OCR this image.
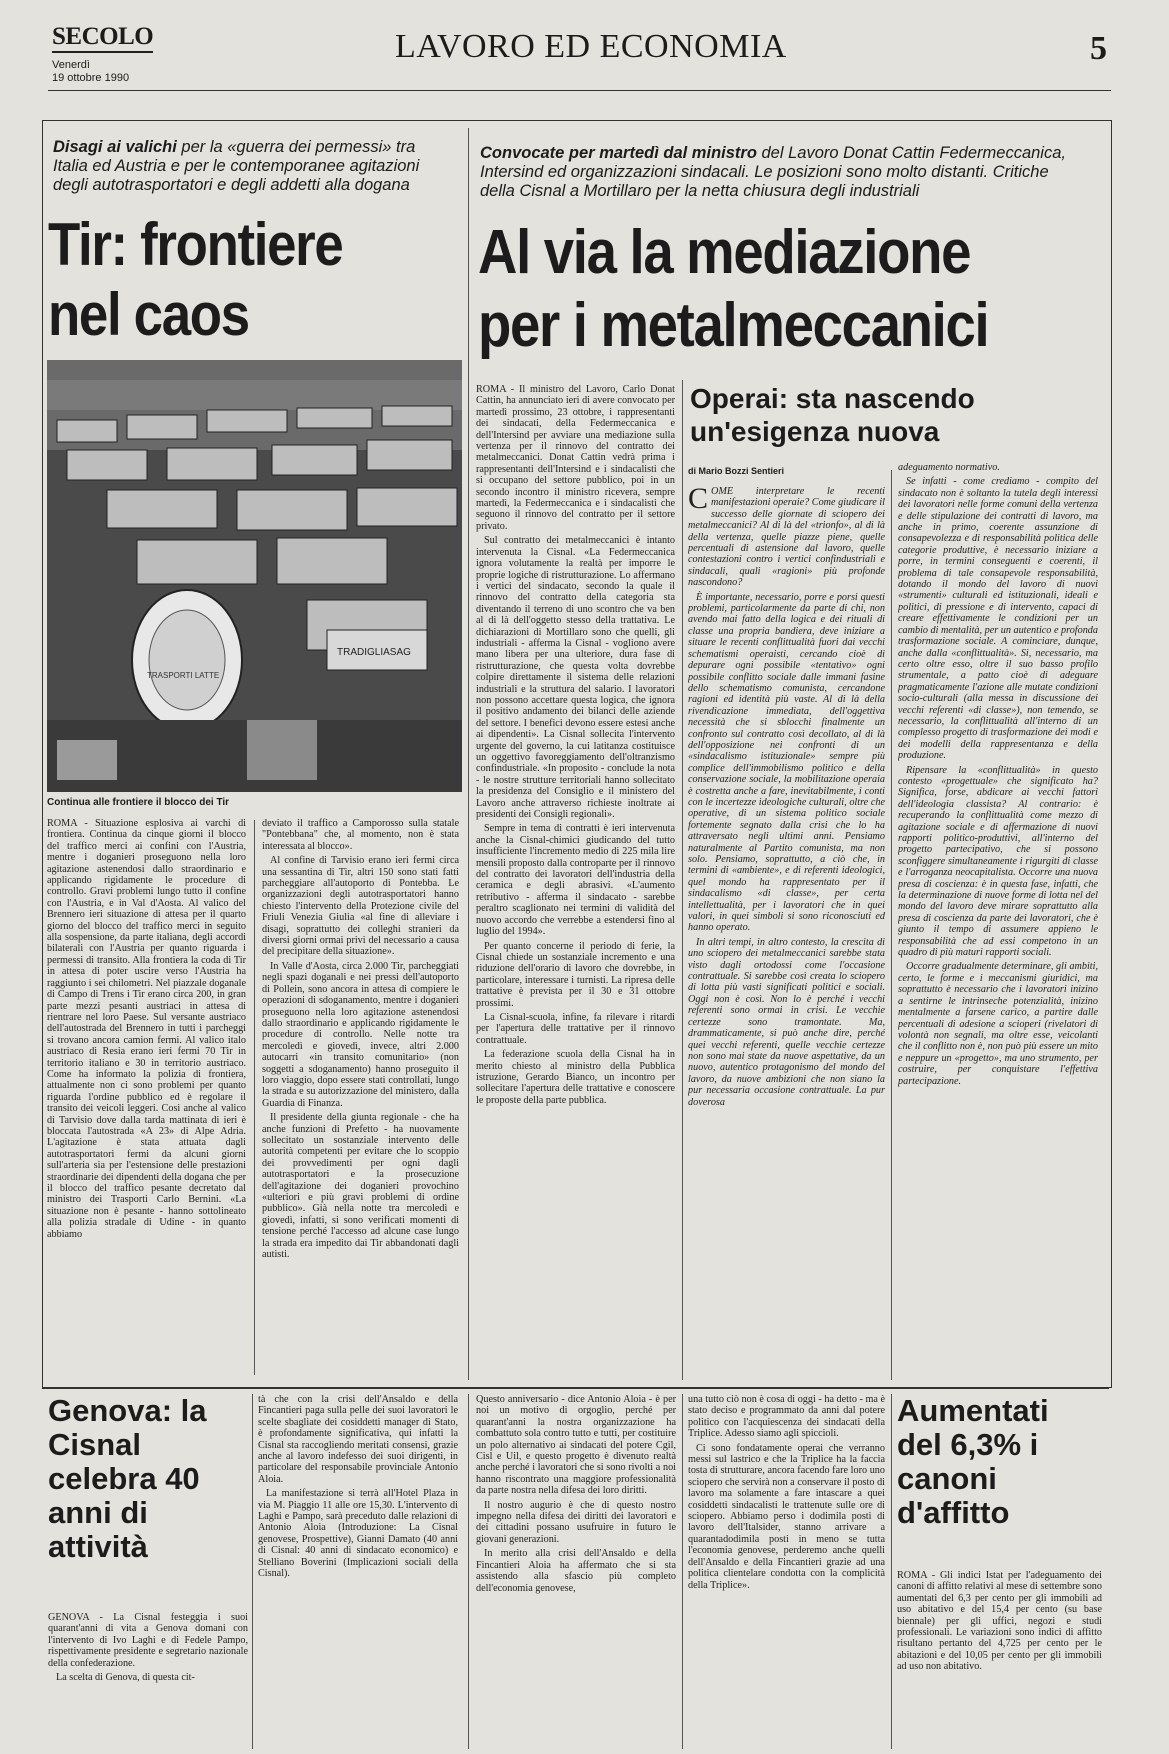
SECOLO
Venerdì
19 ottobre 1990
LAVORO ED ECONOMIA	5
Disagi ai valichi per la «guerra dei permessi» tra Italia ed Austria e per le contemporanee agitazioni degli autotrasportatori e degli addetti alla dogana
Tir: frontiere
nel caos
TRADIGLIASAG
TRASPORTI LATTE
Continua alle frontiere il blocco dei Tir

ROMA - Situazione esplosiva ai varchi di frontiera. Continua da cinque giorni il blocco del traffico merci ai confini con l'Austria, mentre i doganieri proseguono nella loro agitazione astenendosi dallo straordinario e applicando rigidamente le procedure di controllo. Gravi problemi lungo tutto il confine con l'Austria, e in Val d'Aosta. Al valico del Brennero ieri situazione di attesa per il quarto giorno del blocco del traffico merci in seguito alla sospensione, da parte italiana, degli accordi bilaterali con l'Austria per quanto riguarda i permessi di transito. Alla frontiera la coda di Tir in attesa di poter uscire verso l'Austria ha raggiunto i sei chilometri. Nel piazzale doganale di Campo di Trens i Tir erano circa 200, in gran parte mezzi pesanti austriaci in attesa di rientrare nel loro Paese. Sul versante austriaco dell'autostrada del Brennero in tutti i parcheggi si trovano ancora camion fermi. Al valico italo austriaco di Resia erano ieri fermi 70 Tir in territorio italiano e 30 in territorio austriaco. Come ha informato la polizia di frontiera, attualmente non ci sono problemi per quanto riguarda l'ordine pubblico ed è regolare il transito dei veicoli leggeri. Cosi anche al valico di Tarvisio dove dalla tarda mattinata di ieri è bloccata l'autostrada «A 23» di Alpe Adria. L'agitazione è stata attuata dagli autotrasportatori fermi da alcuni giorni sull'arteria sia per l'estensione delle prestazioni straordinarie dei dipendenti della dogana che per il blocco del traffico pesante decretato dal ministro dei Trasporti Carlo Bernini. «La situazione non è pesante - hanno sottolineato alla polizia stradale di Udine - in quanto abbiamo

deviato il traffico a Camporosso sulla statale "Pontebbana" che, al momento, non è stata interessata al blocco».

Al confine di Tarvisio erano ieri fermi circa una sessantina di Tir, altri 150 sono stati fatti parcheggiare all'autoporto di Pontebba. Le organizzazioni degli autotrasportatori hanno chiesto l'intervento della Protezione civile del Friuli Venezia Giulia «al fine di alleviare i disagi, soprattutto dei colleghi stranieri da diversi giorni ormai privi del necessario a causa del precipitare della situazione».

In Valle d'Aosta, circa 2.000 Tir, parcheggiati negli spazi doganali e nei pressi dell'autoporto di Pollein, sono ancora in attesa di compiere le operazioni di sdoganamento, mentre i doganieri proseguono nella loro agitazione astenendosi dallo straordinario e applicando rigidamente le procedure di controllo. Nelle notte tra mercoledì e giovedì, invece, altri 2.000 autocarri «in transito comunitario» (non soggetti a sdoganamento) hanno proseguito il loro viaggio, dopo essere stati controllati, lungo la strada e su autorizzazione del ministero, dalla Guardia di Finanza.

Il presidente della giunta regionale - che ha anche funzioni di Prefetto - ha nuovamente sollecitato un sostanziale intervento delle autorità competenti per evitare che lo scoppio dei provvedimenti per ogni dagli autotrasportatori e la prosecuzione dell'agitazione dei doganieri provochino «ulteriori e più gravi problemi di ordine pubblico». Già nella notte tra mercoledì e giovedì, infatti, si sono verificati momenti di tensione perché l'accesso ad alcune case lungo la strada era impedito dai Tir abbandonati dagli autisti.

Convocate per martedì dal ministro del Lavoro Donat Cattin Federmeccanica, Intersind ed organizzazioni sindacali. Le posizioni sono molto distanti. Critiche della Cisnal a Mortillaro per la netta chiusura degli industriali
Al via la mediazione
per i metalmeccanici

ROMA - Il ministro del Lavoro, Carlo Donat Cattin, ha annunciato ieri di avere convocato per martedì prossimo, 23 ottobre, i rappresentanti dei sindacati, della Federmeccanica e dell'Intersind per avviare una mediazione sulla vertenza per il rinnovo del contratto dei metalmeccanici. Donat Cattin vedrà prima i rappresentanti dell'Intersind e i sindacalisti che si occupano del settore pubblico, poi in un secondo incontro il ministro ricevera, sempre martedì, la Federmeccanica e i sindacalisti che seguono il rinnovo del contratto per il settore privato.

Sul contratto dei metalmeccanici è intanto intervenuta la Cisnal. «La Federmeccanica ignora volutamente la realtà per imporre le proprie logiche di ristrutturazione. Lo affermano i vertici del sindacato, secondo la quale il rinnovo del contratto della categoria sta diventando il terreno di uno scontro che va ben al di là dell'oggetto stesso della trattativa. Le dichiarazioni di Mortillaro sono che quelli, gli industriali - afferma la Cisnal - vogliono avere mano libera per una ulteriore, dura fase di ristrutturazione, che questa volta dovrebbe colpire direttamente il sistema delle relazioni industriali e la struttura del salario. I lavoratori non possono accettare questa logica, che ignora il positivo andamento dei bilanci delle aziende del settore. I benefici devono essere estesi anche ai dipendenti». La Cisnal sollecita l'intervento urgente del governo, la cui latitanza costituisce un oggettivo favoreggiamento dell'oltranzismo confindustriale. «In proposito - conclude la nota - le nostre strutture territoriali hanno sollecitato la presidenza del Consiglio e il ministero del Lavoro anche attraverso richieste inoltrate ai presidenti dei Consigli regionali».

Sempre in tema di contratti è ieri intervenuta anche la Cisnal-chimici giudicando del tutto insufficiente l'incremento medio di 225 mila lire mensili proposto dalla controparte per il rinnovo del contratto dei lavoratori dell'industria della ceramica e degli abrasivi. «L'aumento retributivo - afferma il sindacato - sarebbe peraltro scaglionato nei termini di validità del nuovo accordo che verrebbe a estendersi fino al luglio del 1994».

Per quanto concerne il periodo di ferie, la Cisnal chiede un sostanziale incremento e una riduzione dell'orario di lavoro che dovrebbe, in particolare, interessare i turnisti. La ripresa delle trattative è prevista per il 30 e 31 ottobre prossimi.

La Cisnal-scuola, infine, fa rilevare i ritardi per l'apertura delle trattative per il rinnovo contrattuale.

La federazione scuola della Cisnal ha in merito chiesto al ministro della Pubblica istruzione, Gerardo Bianco, un incontro per sollecitare l'apertura delle trattative e conoscere le proposte della parte pubblica.

Operai: sta nascendo un'esigenza nuova
di Mario Bozzi Sentieri

COME interpretare le recenti manifestazioni operaie? Come giudicare il successo delle giornate di sciopero dei metalmeccanici? Al di là del «trionfo», al di là della vertenza, quelle piazze piene, quelle percentuali di astensione dal lavoro, quelle contestazioni contro i vertici confindustriali e sindacali, quali «ragioni» più profonde nascondono?

È importante, necessario, porre e porsi questi problemi, particolarmente da parte di chi, non avendo mai fatto della logica e dei rituali di classe una propria bandiera, deve iniziare a situare le recenti conflittualità fuori dai vecchi schematismi operaisti, cercando cioè di depurare ogni possibile «tentativo» ogni possibile conflitto sociale dalle immani fasine dello schematismo comunista, cercandone ragioni ed identità più vaste. Al di là della rivendicazione immediata, dell'oggettiva necessità che si sblocchi finalmente un confronto sul contratto così decollato, al di là dell'opposizione nei confronti di un «sindacalismo istituzionale» sempre più complice dell'immobilismo politico e della conservazione sociale, la mobilitazione operaia è costretta anche a fare, inevitabilmente, i conti con le incertezze ideologiche culturali, oltre che operative, di un sistema politico sociale fortemente segnato dalla crisi che lo ha attraversato negli ultimi anni. Pensiamo naturalmente al Partito comunista, ma non solo. Pensiamo, soprattutto, a ciò che, in termini di «ambiente», e di referenti ideologici, quel mondo ha rappresentato per il sindacalismo «di classe», per certa intellettualità, per i lavoratori che in quei valori, in quei simboli si sono riconosciuti ed hanno operato.

In altri tempi, in altro contesto, la crescita di uno sciopero dei metalmeccanici sarebbe stata visto dagli ortodossi come l'occasione contrattuale. Si sarebbe così creata lo sciopero di lotta più vasti significati politici e sociali. Oggi non è così. Non lo è perché i vecchi referenti sono ormai in crisi. Le vecchie certezze sono tramontate. Ma, drammaticamente, si può anche dire, perché quei vecchi referenti, quelle vecchie certezze non sono mai state da nuove aspettative, da un nuovo, autentico protagonismo del mondo del lavoro, da nuove ambizioni che non siano la pur necessaria occasione contrattuale. La pur doverosa

adeguamento normativo.

Se infatti - come crediamo - compito del sindacato non è soltanto la tutela degli interessi dei lavoratori nelle forme comuni della vertenza e delle stipulazione dei contratti di lavoro, ma anche in primo, coerente assunzione di consapevolezza e di responsabilità politica delle categorie produttive, è necessario iniziare a porre, in termini conseguenti e coerenti, il problema di tale consapevole responsabilità, dotando il mondo del lavoro di nuovi «strumenti» culturali ed istituzionali, ideali e politici, di pressione e di intervento, capaci di creare effettivamente le condizioni per un cambio di mentalità, per un autentico e profonda trasformazione sociale. A cominciare, dunque, anche dalla «conflittualità». Si, necessario, ma certo oltre esso, oltre il suo basso profilo strumentale, a patto cioè di adeguare pragmaticamente l'azione alle mutate condizioni socio-culturali (alla messa in discussione dei vecchi referenti «di classe»), non temendo, se necessario, la conflittualità all'interno di un complesso progetto di trasformazione dei modi e dei modelli della rappresentanza e della produzione.

Ripensare la «conflittualità» in questo contesto «progettuale» che significato ha? Significa, forse, abdicare ai vecchi fattori dell'ideologia classista? Al contrario: è recuperando la conflittualità come mezzo di agitazione sociale e di affermazione di nuovi rapporti politico-produttivi, all'interno del progetto partecipativo, che si possono sconfiggere simultaneamente i rigurgiti di classe e l'arroganza neocapitalista. Occorre una nuova presa di coscienza: è in questa fase, infatti, che la determinazione di nuove forme di lotta nel del mondo del lavoro deve mirare soprattutto alla presa di coscienza da parte dei lavoratori, che è giunto il tempo di assumere appieno le responsabilità che ad essi competono in un quadro di più maturi rapporti sociali.

Occorre gradualmente determinare, gli ambiti, certo, le forme e i meccanismi giuridici, ma soprattutto è necessario che i lavoratori inizino a sentirne le intrinseche potenzialità, inizino mentalmente a farsene carico, a partire dalle percentuali di adesione a scioperi (rivelatori di volontà non segnali, ma oltre esse, veicolanti che il conflitto non è, non può più essere un mito e neppure un «progetto», ma uno strumento, per costruire, per conquistare l'effettiva partecipazione.

Genova: la Cisnal celebra 40 anni di attività

GENOVA - La Cisnal festeggia i suoi quarant'anni di vita a Genova domani con l'intervento di Ivo Laghi e di Fedele Pampo, rispettivamente presidente e segretario nazionale della confederazione.

La scelta di Genova, di questa cit-

tà che con la crisi dell'Ansaldo e della Fincantieri paga sulla pelle dei suoi lavoratori le scelte sbagliate dei cosiddetti manager di Stato, è profondamente significativa, qui infatti la Cisnal sta raccogliendo meritati consensi, grazie anche al lavoro indefesso dei suoi dirigenti, in particolare del responsabile provinciale Antonio Aloia.

La manifestazione si terrà all'Hotel Plaza in via M. Piaggio 11 alle ore 15,30. L'intervento di Laghi e Pampo, sarà preceduto dalle relazioni di Antonio Aloia (Introduzione: La Cisnal genovese, Prospettive), Gianni Damato (40 anni di Cisnal: 40 anni di sindacato economico) e Stelliano Boverini (Implicazioni sociali della Cisnal).

Questo anniversario - dice Antonio Aloia - è per noi un motivo di orgoglio, perché per quarant'anni la nostra organizzazione ha combattuto sola contro tutto e tutti, per costituire un polo alternativo ai sindacati del potere Cgil, Cisl e Uil, e questo progetto è divenuto realtà anche perché i lavoratori che si sono rivolti a noi hanno riscontrato una maggiore professionalità da parte nostra nella difesa dei loro diritti.

Il nostro augurio è che di questo nostro impegno nella difesa dei diritti dei lavoratori e dei cittadini possano usufruire in futuro le giovani generazioni.

In merito alla crisi dell'Ansaldo e della Fincantieri Aloia ha affermato che si sta assistendo alla sfascio più completo dell'economia genovese,

una tutto ciò non è cosa di oggi - ha detto - ma è stato deciso e programmato da anni dal potere politico con l'acquiescenza dei sindacati della Triplice. Adesso siamo agli spiccioli.

Ci sono fondatamente operai che verranno messi sul lastrico e che la Triplice ha la faccia tosta di strutturare, ancora facendo fare loro uno sciopero che servirà non a conservare il posto di lavoro ma solamente a fare intascare a quei cosiddetti sindacalisti le trattenute sulle ore di sciopero. Abbiamo perso i dodimila posti di lavoro dell'Italsider, stanno arrivare a quarantadodimila posti in meno se tutta l'economia genovese, perderemo anche quelli dell'Ansaldo e della Fincantieri grazie ad una politica clientelare condotta con la complicità della Triplice».

Aumentati del 6,3% i canoni d'affitto

ROMA - Gli indici Istat per l'adeguamento dei canoni di affitto relativi al mese di settembre sono aumentati del 6,3 per cento per gli immobili ad uso abitativo e del 15,4 per cento (su base biennale) per gli uffici, negozi e studi professionali. Le variazioni sono indici di affitto risultano pertanto del 4,725 per cento per le abitazioni e del 10,05 per cento per gli immobili ad uso non abitativo.
